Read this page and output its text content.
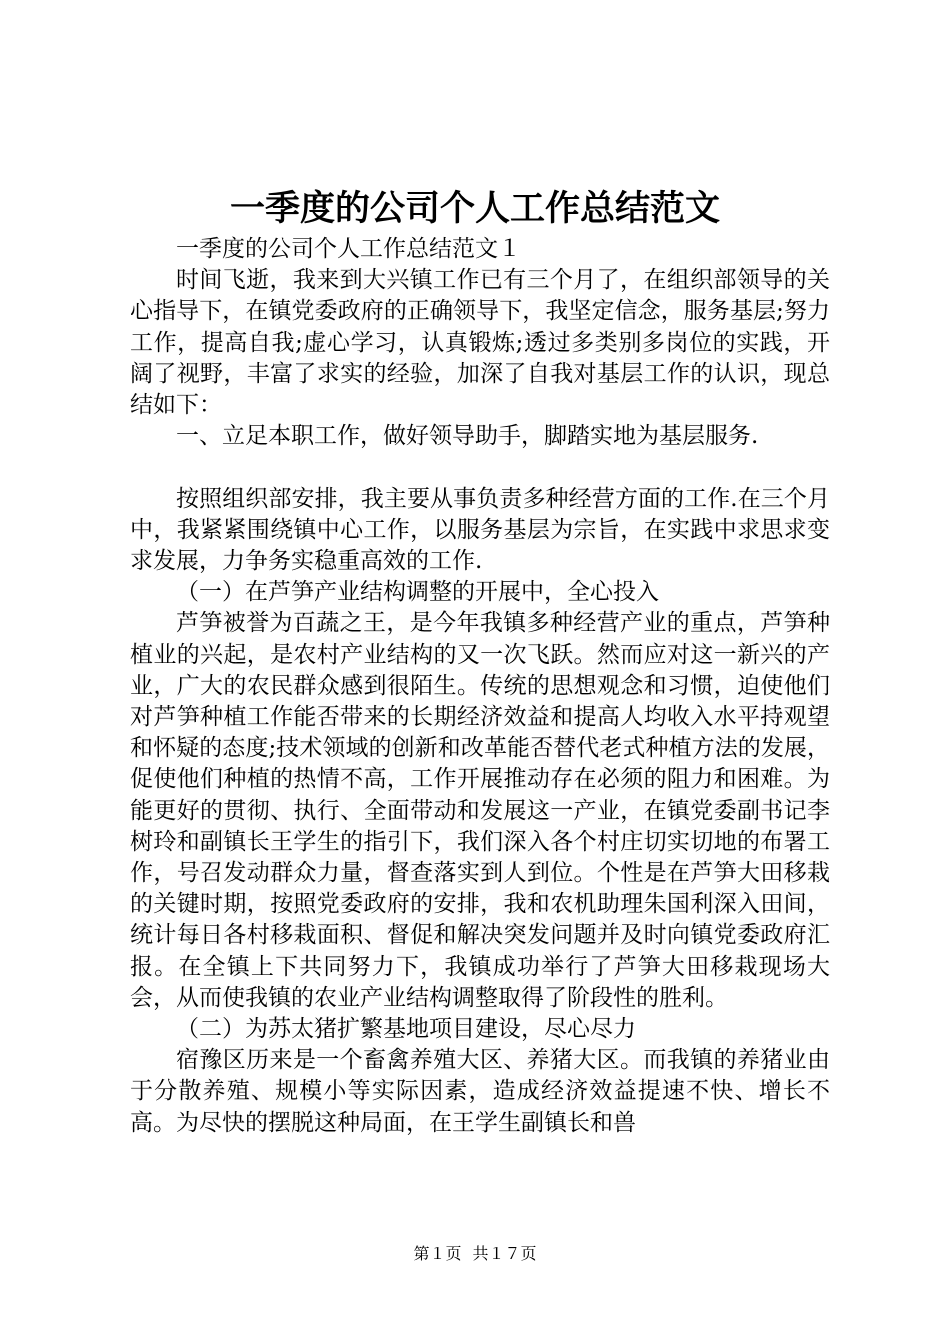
一季度的公司个人工作总结范文

一季度的公司个人工作总结范文１

时间飞逝，我来到大兴镇工作已有三个月了，在组织部领导的关心指导下，在镇党委政府的正确领导下，我坚定信念，服务基层;努力工作，提高自我;虚心学习，认真锻炼;透过多类别多岗位的实践，开阔了视野，丰富了求实的经验，加深了自我对基层工作的认识，现总结如下：

一、立足本职工作，做好领导助手，脚踏实地为基层服务.

按照组织部安排，我主要从事负责多种经营方面的工作.在三个月中，我紧紧围绕镇中心工作，以服务基层为宗旨，在实践中求思求变求发展，力争务实稳重高效的工作.

（一）在芦笋产业结构调整的开展中，全心投入

芦笋被誉为百蔬之王，是今年我镇多种经营产业的重点，芦笋种植业的兴起，是农村产业结构的又一次飞跃。然而应对这一新兴的产业，广大的农民群众感到很陌生。传统的思想观念和习惯，迫使他们对芦笋种植工作能否带来的长期经济效益和提高人均收入水平持观望和怀疑的态度;技术领域的创新和改革能否替代老式种植方法的发展，促使他们种植的热情不高，工作开展推动存在必须的阻力和困难。为能更好的贯彻、执行、全面带动和发展这一产业，在镇党委副书记李树玲和副镇长王学生的指引下，我们深入各个村庄切实切地的布署工作，号召发动群众力量，督查落实到人到位。个性是在芦笋大田移栽的关键时期，按照党委政府的安排，我和农机助理朱国利深入田间，统计每日各村移栽面积、督促和解决突发问题并及时向镇党委政府汇报。在全镇上下共同努力下，我镇成功举行了芦笋大田移栽现场大会，从而使我镇的农业产业结构调整取得了阶段性的胜利。

（二）为苏太猪扩繁基地项目建设，尽心尽力

宿豫区历来是一个畜禽养殖大区、养猪大区。而我镇的养猪业由于分散养殖、规模小等实际因素，造成经济效益提速不快、增长不高。为尽快的摆脱这种局面，在王学生副镇长和兽

第１页 共１７页
